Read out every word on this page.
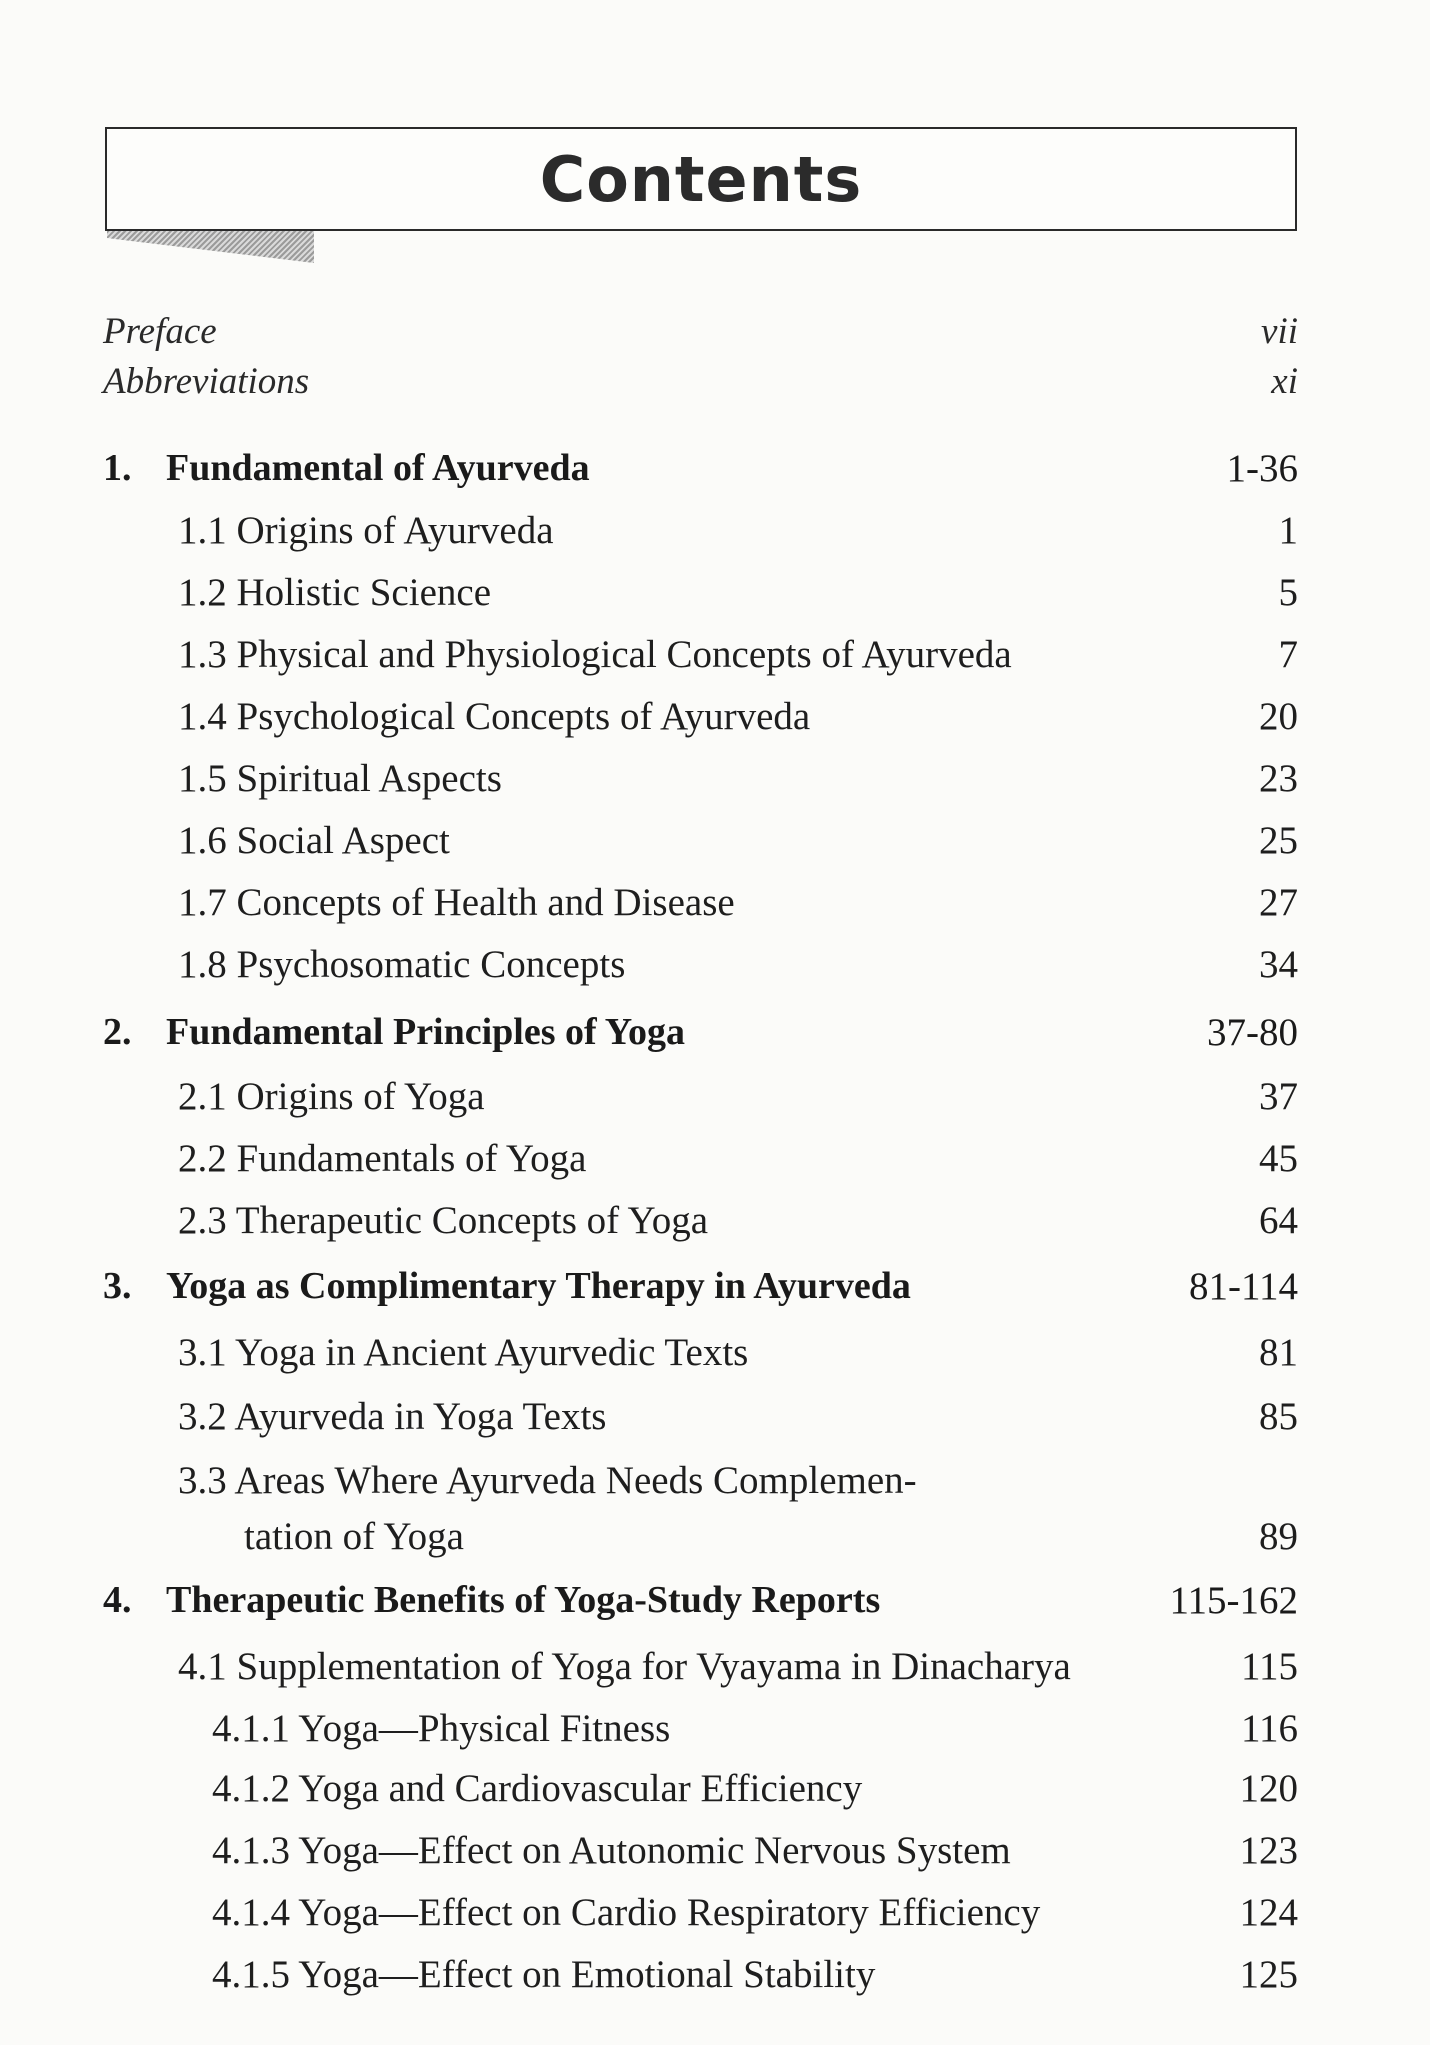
Contents
Preface	vii
Abbreviations	xi
1. Fundamental of Ayurveda	1-36
1.1 Origins of Ayurveda	1
1.2 Holistic Science	5
1.3 Physical and Physiological Concepts of Ayurveda	7
1.4 Psychological Concepts of Ayurveda	20
1.5 Spiritual Aspects	23
1.6 Social Aspect	25
1.7 Concepts of Health and Disease	27
1.8 Psychosomatic Concepts	34
2. Fundamental Principles of Yoga	37-80
2.1 Origins of Yoga	37
2.2 Fundamentals of Yoga	45
2.3 Therapeutic Concepts of Yoga	64
3. Yoga as Complimentary Therapy in Ayurveda	81-114
3.1 Yoga in Ancient Ayurvedic Texts	81
3.2 Ayurveda in Yoga Texts	85
3.3 Areas Where Ayurveda Needs Complemen-
tation of Yoga	89
4. Therapeutic Benefits of Yoga-Study Reports	115-162
4.1 Supplementation of Yoga for Vyayama in Dinacharya	115
4.1.1 Yoga—Physical Fitness	116
4.1.2 Yoga and Cardiovascular Efficiency	120
4.1.3 Yoga—Effect on Autonomic Nervous System	123
4.1.4 Yoga—Effect on Cardio Respiratory Efficiency	124
4.1.5 Yoga—Effect on Emotional Stability	125
